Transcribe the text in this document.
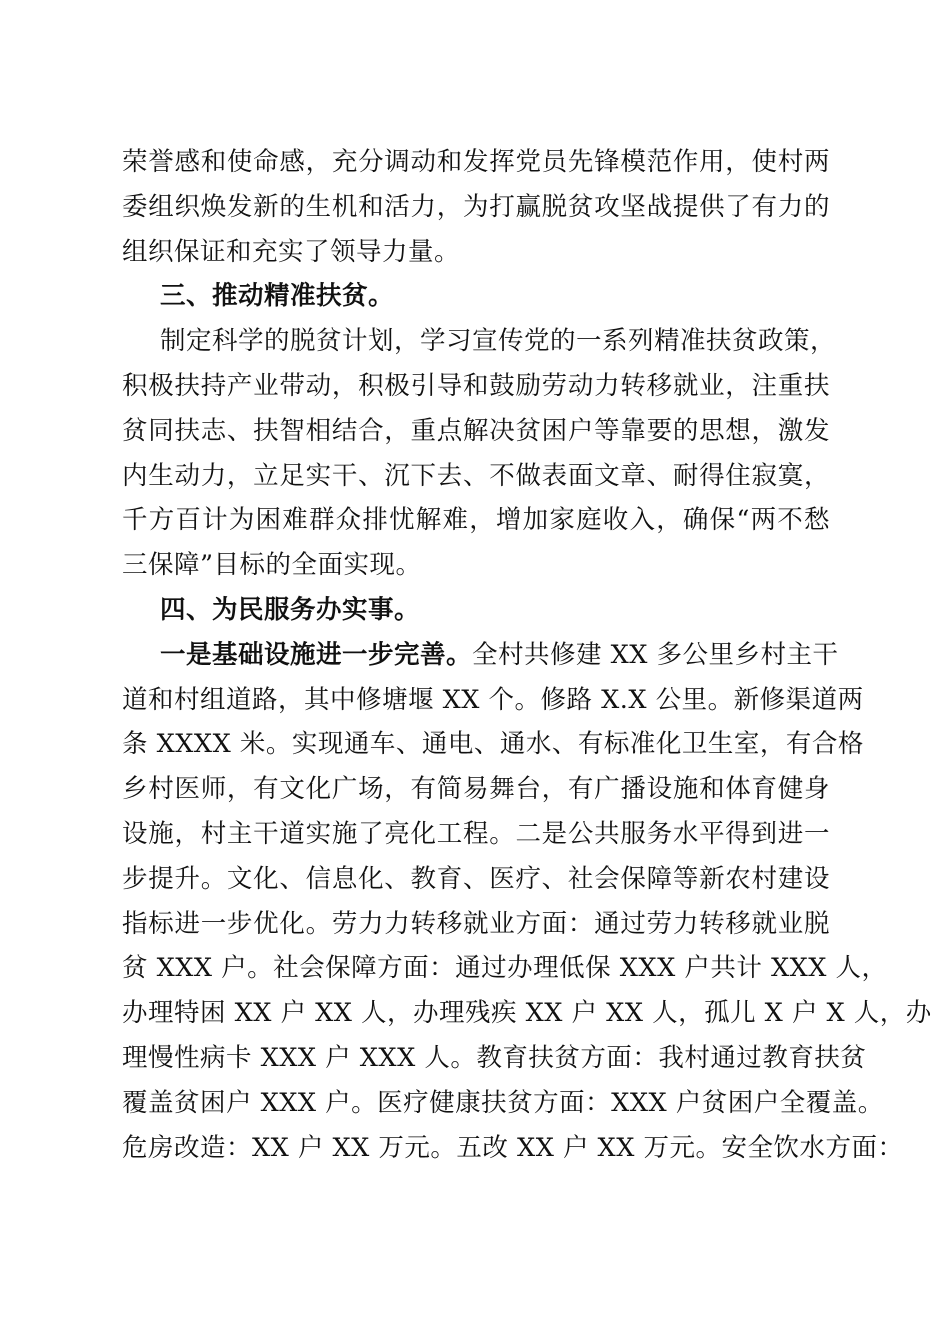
荣誉感和使命感，充分调动和发挥党员先锋模范作用，使村两
委组织焕发新的生机和活力，为打赢脱贫攻坚战提供了有力的
组织保证和充实了领导力量。
三、推动精准扶贫。
制定科学的脱贫计划，学习宣传党的一系列精准扶贫政策，
积极扶持产业带动，积极引导和鼓励劳动力转移就业，注重扶
贫同扶志、扶智相结合，重点解决贫困户等靠要的思想，激发
内生动力，立足实干、沉下去、不做表面文章、耐得住寂寞，
千方百计为困难群众排忧解难，增加家庭收入，确保“两不愁
三保障”目标的全面实现。
四、为民服务办实事。
一是基础设施进一步完善。全村共修建 XX 多公里乡村主干
道和村组道路，其中修塘堰 XX 个。修路 X.X 公里。新修渠道两
条 XXXX 米。实现通车、通电、通水、有标准化卫生室，有合格
乡村医师，有文化广场，有简易舞台，有广播设施和体育健身
设施，村主干道实施了亮化工程。二是公共服务水平得到进一
步提升。文化、信息化、教育、医疗、社会保障等新农村建设
指标进一步优化。劳力力转移就业方面：通过劳力转移就业脱
贫 XXX 户。社会保障方面：通过办理低保 XXX 户共计 XXX 人，
办理特困 XX 户 XX 人，办理残疾 XX 户 XX 人，孤儿 X 户 X 人，办
理慢性病卡 XXX 户 XXX 人。教育扶贫方面：我村通过教育扶贫
覆盖贫困户 XXX 户。医疗健康扶贫方面：XXX 户贫困户全覆盖。
危房改造：XX 户 XX 万元。五改 XX 户 XX 万元。安全饮水方面：
